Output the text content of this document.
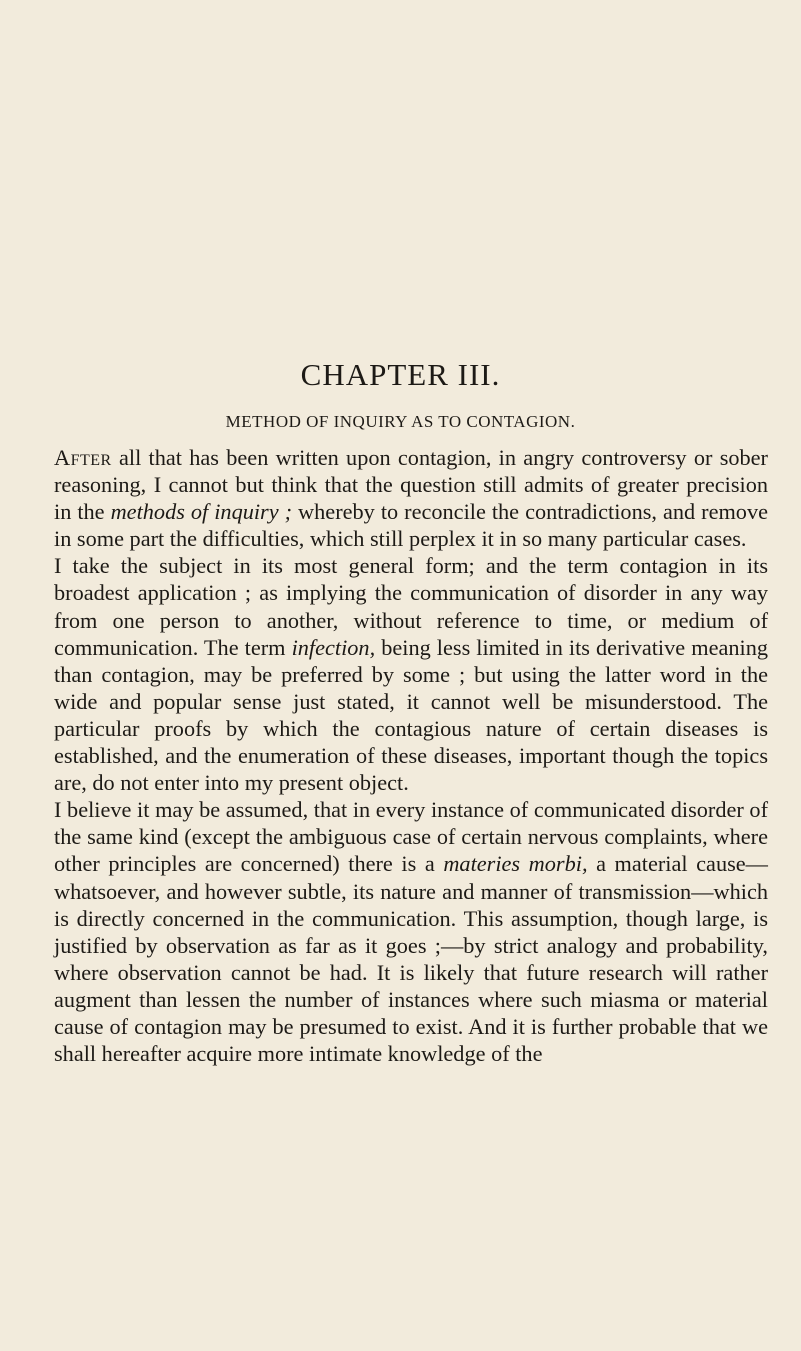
CHAPTER III.
METHOD OF INQUIRY AS TO CONTAGION.

After all that has been written upon contagion, in angry controversy or sober reasoning, I cannot but think that the question still admits of greater precision in the methods of inquiry ; whereby to reconcile the contradictions, and remove in some part the difficulties, which still perplex it in so many particular cases.

I take the subject in its most general form; and the term contagion in its broadest application ; as implying the communication of disorder in any way from one person to another, without reference to time, or medium of communication. The term infection, being less limited in its derivative meaning than contagion, may be preferred by some ; but using the latter word in the wide and popular sense just stated, it cannot well be misunderstood. The particular proofs by which the contagious nature of certain diseases is established, and the enumeration of these diseases, important though the topics are, do not enter into my present object.

I believe it may be assumed, that in every instance of communicated disorder of the same kind (except the ambiguous case of certain nervous complaints, where other principles are concerned) there is a materies morbi, a material cause—whatsoever, and however subtle, its nature and manner of transmission—which is directly concerned in the communication. This assumption, though large, is justified by observation as far as it goes ;—by strict analogy and probability, where observation cannot be had. It is likely that future research will rather augment than lessen the number of instances where such miasma or material cause of contagion may be presumed to exist. And it is further probable that we shall hereafter acquire more intimate knowledge of the
